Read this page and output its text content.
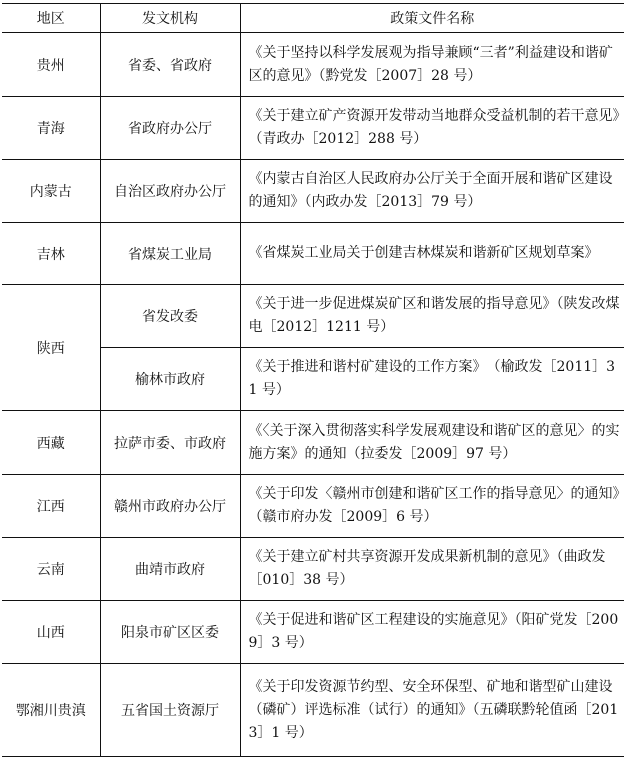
地区	发文机构	政策文件名称
贵州	省委、省政府	《关于坚持以科学发展观为指导兼顾“三者”利益建设和谐矿区的意见》（黔党发［2007］28 号）
青海	省政府办公厅	《关于建立矿产资源开发带动当地群众受益机制的若干意见》（青政办［2012］288 号）
内蒙古	自治区政府办公厅	《内蒙古自治区人民政府办公厅关于全面开展和谐矿区建设的通知》（内政办发［2013］79 号）
吉林	省煤炭工业局	《省煤炭工业局关于创建吉林煤炭和谐新矿区规划草案》
陕西	省发改委	《关于进一步促进煤炭矿区和谐发展的指导意见》（陕发改煤电［2012］1211 号）
	榆林市政府	《关于推进和谐村矿建设的工作方案》　（榆政发［2011］31 号）
西藏	拉萨市委、市政府	《〈关于深入贯彻落实科学发展观建设和谐矿区的意见〉的实施方案》的通知（拉委发［2009］97 号）
江西	赣州市政府办公厅	《关于印发〈赣州市创建和谐矿区工作的指导意见〉的通知》（赣市府办发［2009］6 号）
云南	曲靖市政府	《关于建立矿村共享资源开发成果新机制的意见》（曲政发［010］38 号）
山西	阳泉市矿区区委	《关于促进和谐矿区工程建设的实施意见》（阳矿党发［2009］3 号）
鄂湘川贵滇	五省国土资源厅	《关于印发资源节约型、安全环保型、矿地和谐型矿山建设（磷矿）评选标准（试行）的通知》（五磷联黔轮值函［2013］1 号）
